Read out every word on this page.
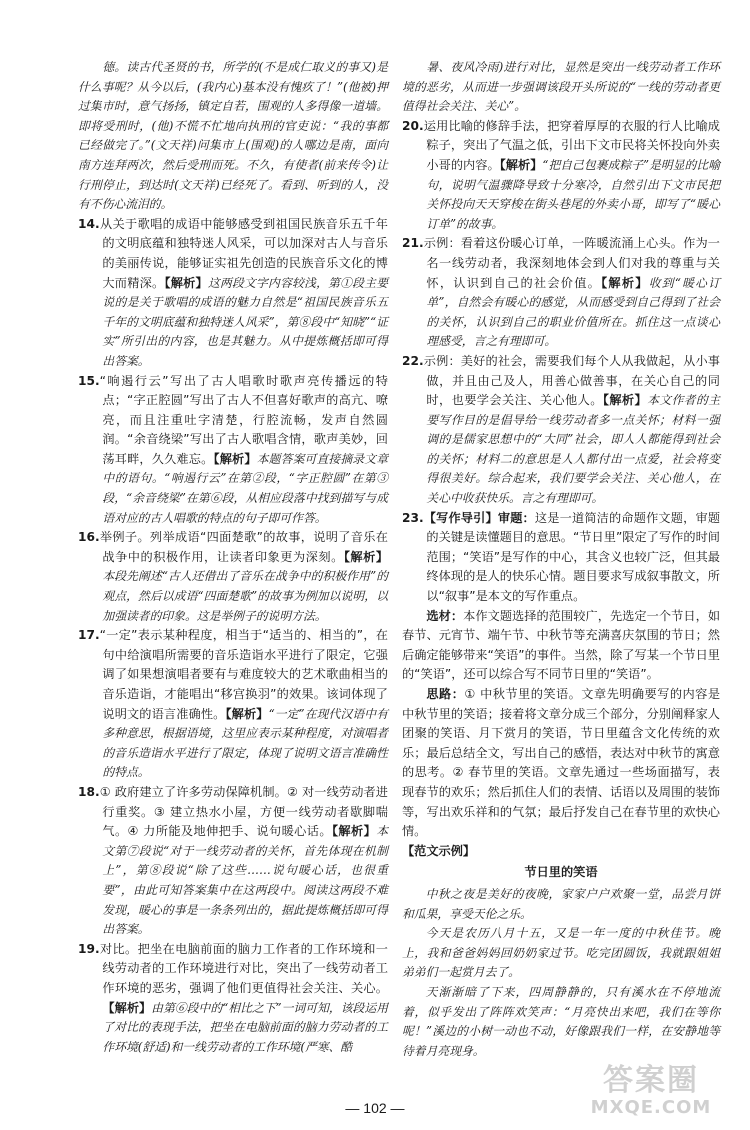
德。读古代圣贤的书，所学的(不是成仁取义的事又)是什么事呢？从今以后，(我内心)基本没有愧疚了！”(他被)押过集市时，意气扬扬，镇定自若，围观的人多得像一道墙。即将受刑时，(他)不慌不忙地向执刑的官吏说：“我的事都已经做完了。”(文天祥)问集市上(围观)的人哪边是南，面向南方连拜两次，然后受刑而死。不久，有使者(前来传令)让行刑停止，到达时(文天祥)已经死了。看到、听到的人，没有不伤心流泪的。

14.从关于歌唱的成语中能够感受到祖国民族音乐五千年的文明底蕴和独特迷人风采，可以加深对古人与音乐的美丽传说，能够证实祖先创造的民族音乐文化的博大而精深。【解析】这两段文字内容较浅，第①段主要说的是关于歌唱的成语的魅力自然是“祖国民族音乐五千年的文明底蕴和独特迷人风采”，第⑧段中“知晓”“证实”所引出的内容，也是其魅力。从中提炼概括即可得出答案。

15.“响遏行云”写出了古人唱歌时歌声亮传播远的特点；“字正腔圆”写出了古人不但喜好歌声的高亢、嘹亮，而且注重吐字清楚，行腔流畅，发声自然圆润。“余音绕梁”写出了古人歌唱含情，歌声美妙，回荡耳畔，久久难忘。【解析】本题答案可直接摘录文章中的语句。“响遏行云”在第②段，“字正腔圆”在第③段，“余音绕梁”在第⑥段，从相应段落中找到描写与成语对应的古人唱歌的特点的句子即可作答。

16.举例子。列举成语“四面楚歌”的故事，说明了音乐在战争中的积极作用，让读者印象更为深刻。【解析】本段先阐述“古人还借出了音乐在战争中的积极作用”的观点，然后以成语“四面楚歌”的故事为例加以说明，以加强读者的印象。这是举例子的说明方法。

17.“一定”表示某种程度，相当于“适当的、相当的”，在句中给演唱所需要的音乐造诣水平进行了限定，它强调了如果想演唱者要有与难度较大的艺术歌曲相当的音乐造诣，才能唱出“移宫换羽”的效果。该词体现了说明文的语言准确性。【解析】“一定”在现代汉语中有多种意思，根据语境，这里应表示某种程度，对演唱者的音乐造诣水平进行了限定，体现了说明文语言准确性的特点。

18.① 政府建立了许多劳动保障机制。② 对一线劳动者进行重奖。③ 建立热水小屋，方便一线劳动者歇脚喘气。④ 力所能及地伸把手、说句暖心话。【解析】本文第⑦段说“对于一线劳动者的关怀，首先体现在机制上”，第⑧段说“除了这些……说句暖心话，也很重要”，由此可知答案集中在这两段中。阅读这两段不难发现，暖心的事是一条条列出的，据此提炼概括即可得出答案。

19.对比。把坐在电脑前面的脑力工作者的工作环境和一线劳动者的工作环境进行对比，突出了一线劳动者工作环境的恶劣，强调了他们更值得社会关注、关心。【解析】由第⑥段中的“相比之下”一词可知，该段运用了对比的表现手法，把坐在电脑前面的脑力劳动者的工作环境(舒适)和一线劳动者的工作环境(严寒、酷

暑、夜风冷雨)进行对比，显然是突出一线劳动者工作环境的恶劣，从而进一步强调该段开头所说的“一线的劳动者更值得社会关注、关心”。

20.运用比喻的修辞手法，把穿着厚厚的衣服的行人比喻成粽子，突出了气温之低，引出下文市民将关怀投向外卖小哥的内容。【解析】“把自己包裹成粽子”是明显的比喻句，说明气温骤降导致十分寒冷，自然引出下文市民把关怀投向天天穿梭在街头巷尾的外卖小哥，即写了“暖心订单”的故事。

21.示例：看着这份暖心订单，一阵暖流涌上心头。作为一名一线劳动者，我深刻地体会到人们对我的尊重与关怀，认识到自己的社会价值。【解析】收到“暖心订单”，自然会有暖心的感觉，从而感受到自己得到了社会的关怀，认识到自己的职业价值所在。抓住这一点谈心理感受，言之有理即可。

22.示例：美好的社会，需要我们每个人从我做起，从小事做，并且由己及人，用善心做善事，在关心自己的同时，也要学会关注、关心他人。【解析】本文作者的主要写作目的是倡导给一线劳动者多一点关怀；材料一强调的是儒家思想中的“大同”社会，即人人都能得到社会的关怀；材料二的意思是人人都付出一点爱，社会将变得很美好。综合起来，我们要学会关注、关心他人，在关心中收获快乐。言之有理即可。

23.【写作导引】审题：这是一道简洁的命题作文题，审题的关键是读懂题目的意思。“节日里”限定了写作的时间范围；“笑语”是写作的中心，其含义也较广泛，但其最终体现的是人的快乐心情。题目要求写成叙事散文，所以“叙事”是本文的写作重点。

选材：本作文题选择的范围较广，先选定一个节日，如春节、元宵节、端午节、中秋节等充满喜庆氛围的节日；然后确定能够带来“笑语”的事件。当然，除了写某一个节日里的“笑语”，还可以综合写不同节日里的“笑语”。

思路：① 中秋节里的笑语。文章先明确要写的内容是中秋节里的笑语；接着将文章分成三个部分，分别阐释家人团聚的笑语、月下赏月的笑语，节日里蕴含文化传统的欢乐；最后总结全文，写出自己的感悟，表达对中秋节的寓意的思考。② 春节里的笑语。文章先通过一些场面描写，表现春节的欢乐；然后抓住人们的表情、话语以及周围的装饰等，写出欢乐祥和的气氛；最后抒发自己在春节里的欢快心情。

【范文示例】

节日里的笑语

中秋之夜是美好的夜晚，家家户户欢聚一堂，品尝月饼和瓜果，享受天伦之乐。

今天是农历八月十五，又是一年一度的中秋佳节。晚上，我和爸爸妈妈回奶奶家过节。吃完团圆饭，我就跟姐姐弟弟们一起赏月去了。

天渐渐暗了下来，四周静静的，只有溪水在不停地流着，似乎发出了阵阵欢笑声：“月亮快出来吧，我们在等你呢！”溪边的小树一动也不动，好像跟我们一样，在安静地等待着月亮现身。

— 102 —
答案圈
MXQE.COM
